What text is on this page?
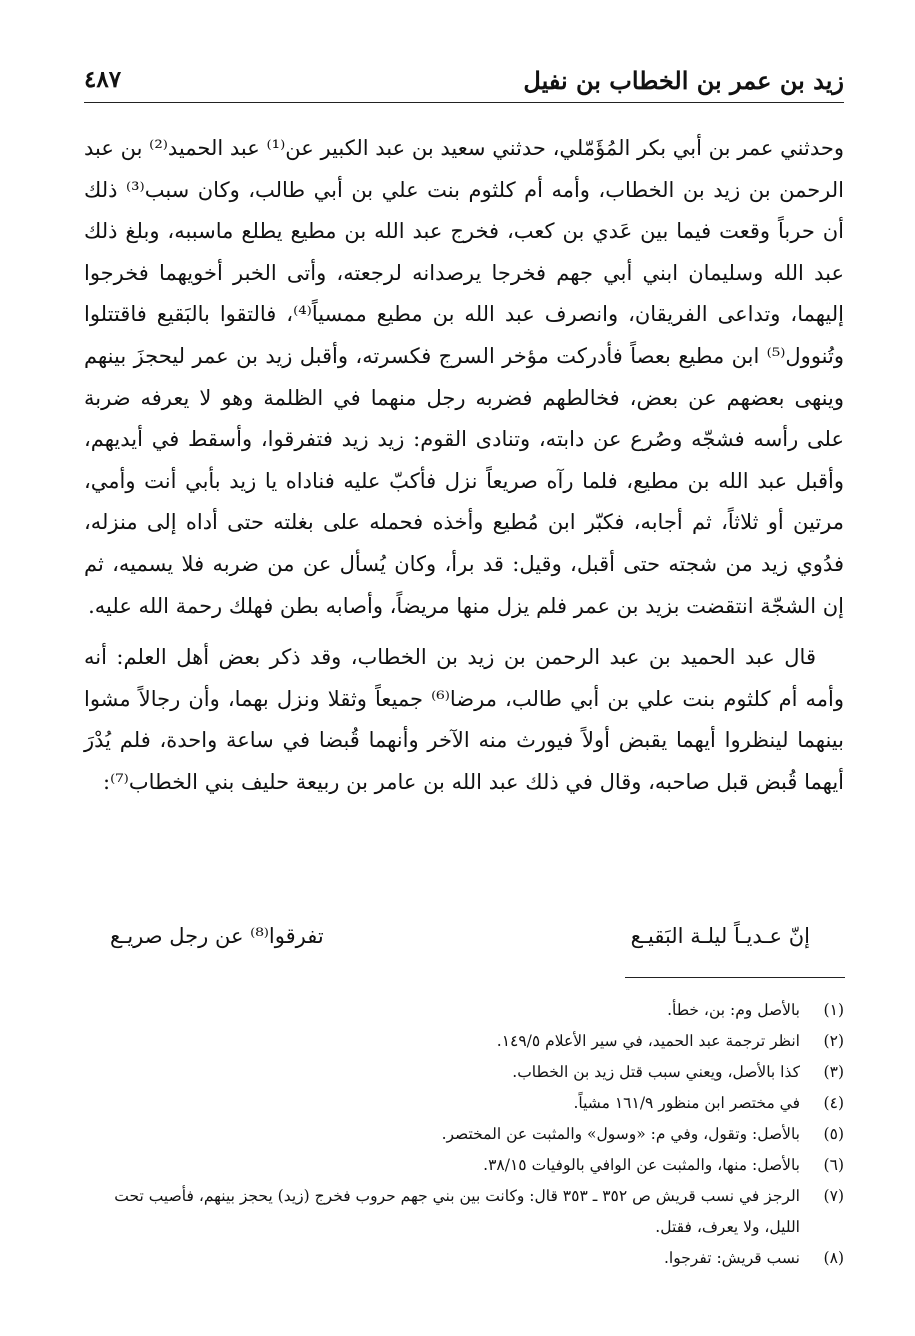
زيد بن عمر بن الخطاب بن نفيل
٤٨٧

وحدثني عمر بن أبي بكر المُؤَمّلي، حدثني سعيد بن عبد الكبير عن⁽¹⁾ عبد الحميد⁽²⁾ بن عبد الرحمن بن زيد بن الخطاب، وأمه أم كلثوم بنت علي بن أبي طالب، وكان سبب⁽³⁾ ذلك أن حرباً وقعت فيما بين عَدي بن كعب، فخرج عبد الله بن مطيع يطلع ماسببه، وبلغ ذلك عبد الله وسليمان ابني أبي جهم فخرجا يرصدانه لرجعته، وأتى الخبر أخويهما فخرجوا إليهما، وتداعى الفريقان، وانصرف عبد الله بن مطيع ممسياً⁽⁴⁾، فالتقوا بالبَقيع فاقتتلوا وتُنوول⁽⁵⁾ ابن مطيع بعصاً فأدركت مؤخر السرج فكسرته، وأقبل زيد بن عمر ليحجزَ بينهم وينهى بعضهم عن بعض، فخالطهم فضربه رجل منهما في الظلمة وهو لا يعرفه ضربة على رأسه فشجّه وصُرع عن دابته، وتنادى القوم: زيد زيد فتفرقوا، وأسقط في أيديهم، وأقبل عبد الله بن مطيع، فلما رآه صريعاً نزل فأكبّ عليه فناداه يا زيد بأبي أنت وأمي، مرتين أو ثلاثاً، ثم أجابه، فكبّر ابن مُطيع وأخذه فحمله على بغلته حتى أداه إلى منزله، فدُوي زيد من شجته حتى أقبل، وقيل: قد برأ، وكان يُسأل عن من ضربه فلا يسميه، ثم إن الشجّة انتقضت بزيد بن عمر فلم يزل منها مريضاً، وأصابه بطن فهلك رحمة الله عليه.

قال عبد الحميد بن عبد الرحمن بن زيد بن الخطاب، وقد ذكر بعض أهل العلم: أنه وأمه أم كلثوم بنت علي بن أبي طالب، مرضا⁽⁶⁾ جميعاً وثقلا ونزل بهما، وأن رجالاً مشوا بينهما لينظروا أيهما يقبض أولاً فيورث منه الآخر وأنهما قُبضا في ساعة واحدة، فلم يُدْرَ أيهما قُبض قبل صاحبه، وقال في ذلك عبد الله بن عامر بن ربيعة حليف بني الخطاب⁽⁷⁾:

إنّ عـديـاً ليلـة البَقيـع
تفرقوا⁽⁸⁾ عن رجل صريـع
(١)
بالأصل وم: بن، خطأ.
(٢)
انظر ترجمة عبد الحميد، في سير الأعلام ١٤٩/٥.
(٣)
كذا بالأصل، ويعني سبب قتل زيد بن الخطاب.
(٤)
في مختصر ابن منظور ١٦١/٩ مشياً.
(٥)
بالأصل: وتقول، وفي م: «وسول» والمثبت عن المختصر.
(٦)
بالأصل: منها، والمثبت عن الوافي بالوفيات ٣٨/١٥.
(٧)
الرجز في نسب قريش ص ٣٥٢ ـ ٣٥٣ قال: وكانت بين بني جهم حروب فخرج (زيد) يحجز بينهم، فأصيب تحت الليل، ولا يعرف، فقتل.
(٨)
نسب قريش: تفرجوا.
